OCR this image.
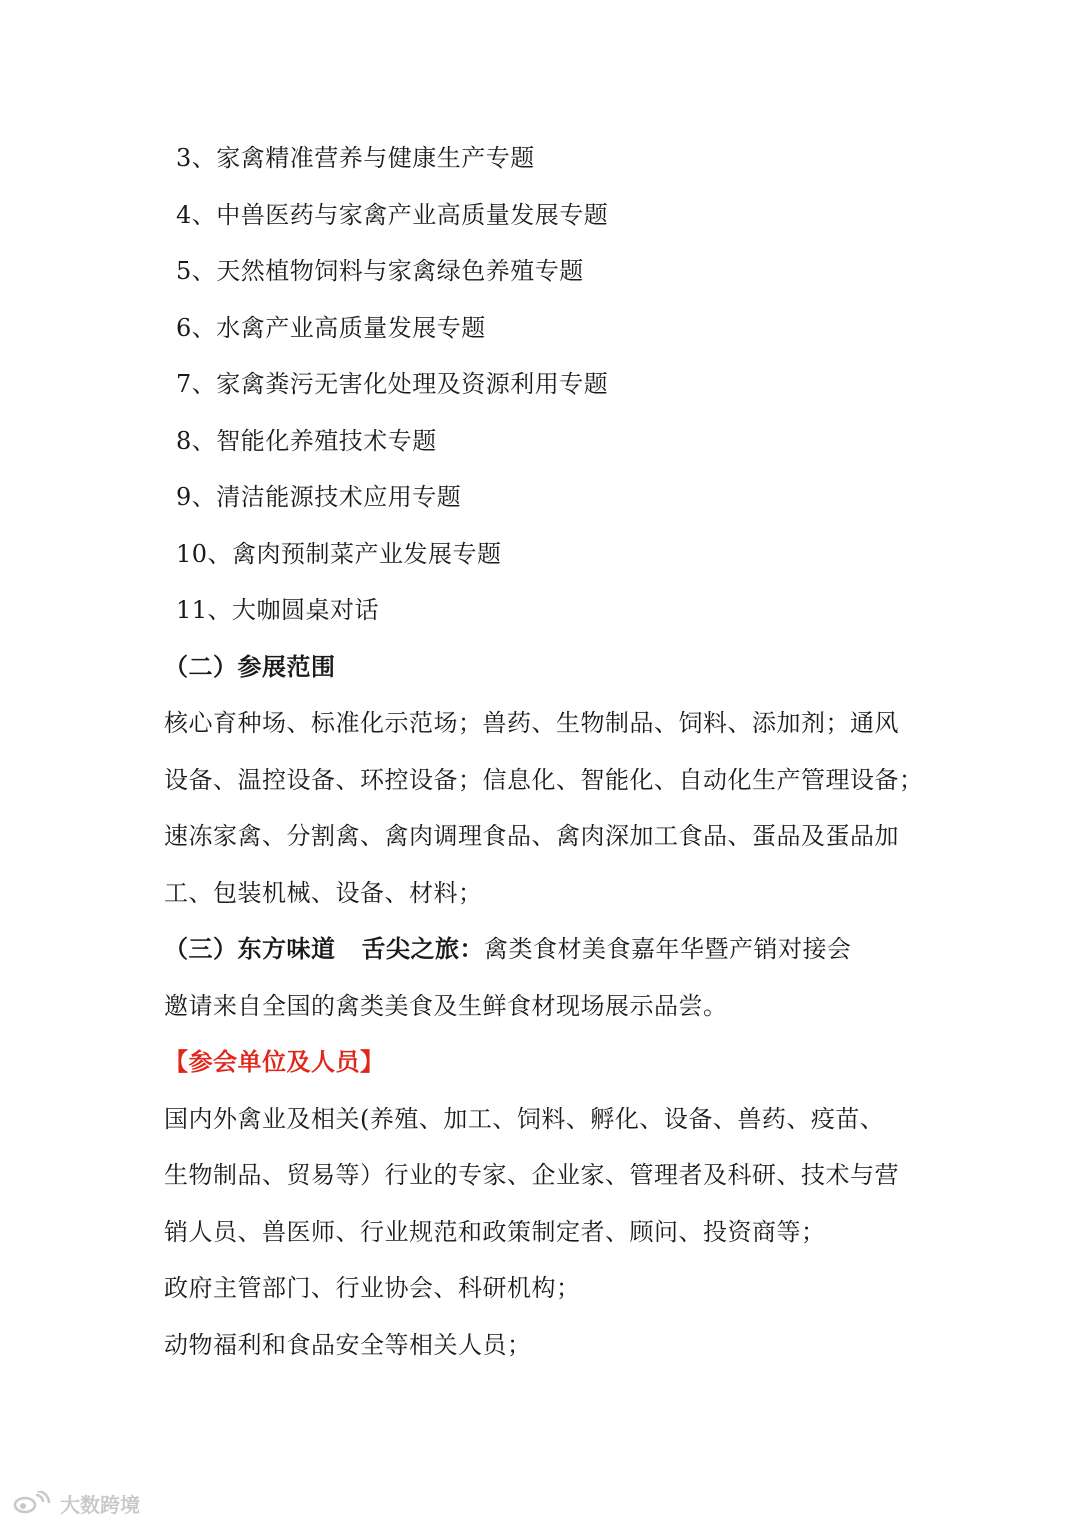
3、家禽精准营养与健康生产专题
4、中兽医药与家禽产业高质量发展专题
5、天然植物饲料与家禽绿色养殖专题
6、水禽产业高质量发展专题
7、家禽粪污无害化处理及资源利用专题
8、智能化养殖技术专题
9、清洁能源技术应用专题
10、禽肉预制菜产业发展专题
11、大咖圆桌对话
（二）参展范围
核心育种场、标准化示范场；兽药、生物制品、饲料、添加剂；通风
设备、温控设备、环控设备；信息化、智能化、自动化生产管理设备；
速冻家禽、分割禽、禽肉调理食品、禽肉深加工食品、蛋品及蛋品加
工、包装机械、设备、材料；
（三）东方味道 舌尖之旅：禽类食材美食嘉年华暨产销对接会
邀请来自全国的禽类美食及生鲜食材现场展示品尝。
【参会单位及人员】
国内外禽业及相关(养殖、加工、饲料、孵化、设备、兽药、疫苗、
生物制品、贸易等）行业的专家、企业家、管理者及科研、技术与营
销人员、兽医师、行业规范和政策制定者、顾问、投资商等；
政府主管部门、行业协会、科研机构；
动物福利和食品安全等相关人员；
大数跨境
